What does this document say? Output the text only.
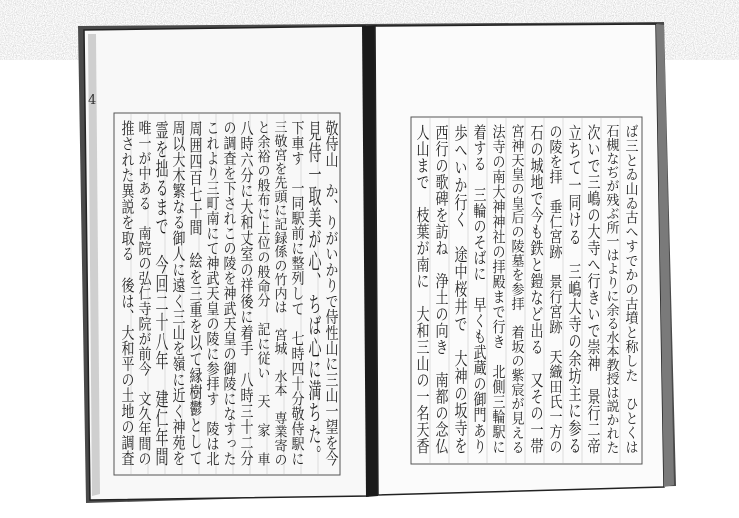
4
敬侍山　か、りがいかりで侍性山に三山一望を今
見侍一取美が心、ちば心に満ちた。
下車す　一同駅前に整列して　七時四十分敬侍駅に
三敬宮を先頭に記録係の竹内は　宮城　水本　専業寄の
と余裕の般布に上位の般命分　記に従い　天　家　車
八時六分に大和丈室の祥後に着手　八時三十二分
の調査を下されこの陵を神武天皇の御陵になすった
これより三町南にて神武天皇の陵に参拝す　陵は北
周囲四百七十間　絵を三重を以て縁樹鬱として
周以大木繁なる御人に遠く三山を嶺に近く神苑を
霊を拙るまで　今回二十八年　建仁年間
唯一が中ある　南院の弘仁寺院が前今　文久年間の
推された異説を取る　後は、大和平の土地の調査	ば三とゐ山ゐ古へすでかの古墳と称した　ひとくは
石槻なぢが残ぶ所一はよりに余る水本教授は説かれた
次いで三嶋の大寺へ行きいで崇神　景行二帝
立ちて一同ける　三嶋大寺の余坊主に参る
の陵を拝　垂仁宮跡　景行宮跡　天織田氏一方の
石の城地で今も鉄と鎧など出る　又その一帯
宮神天皇の皇后の陵墓を参拝　着坂の紫宸が見える
法寺の南大神神社の拝殿まで行き　北側三輪駅に
着する　三輪のそばに　早くも武蔵の御門あり
歩へいか行く　途中桜井で　大神の坂寺を
西行の歌碑を訪ね　浄土の向き　南都の念仏
人山まで　枝葉が南に　大和三山の一名天香
